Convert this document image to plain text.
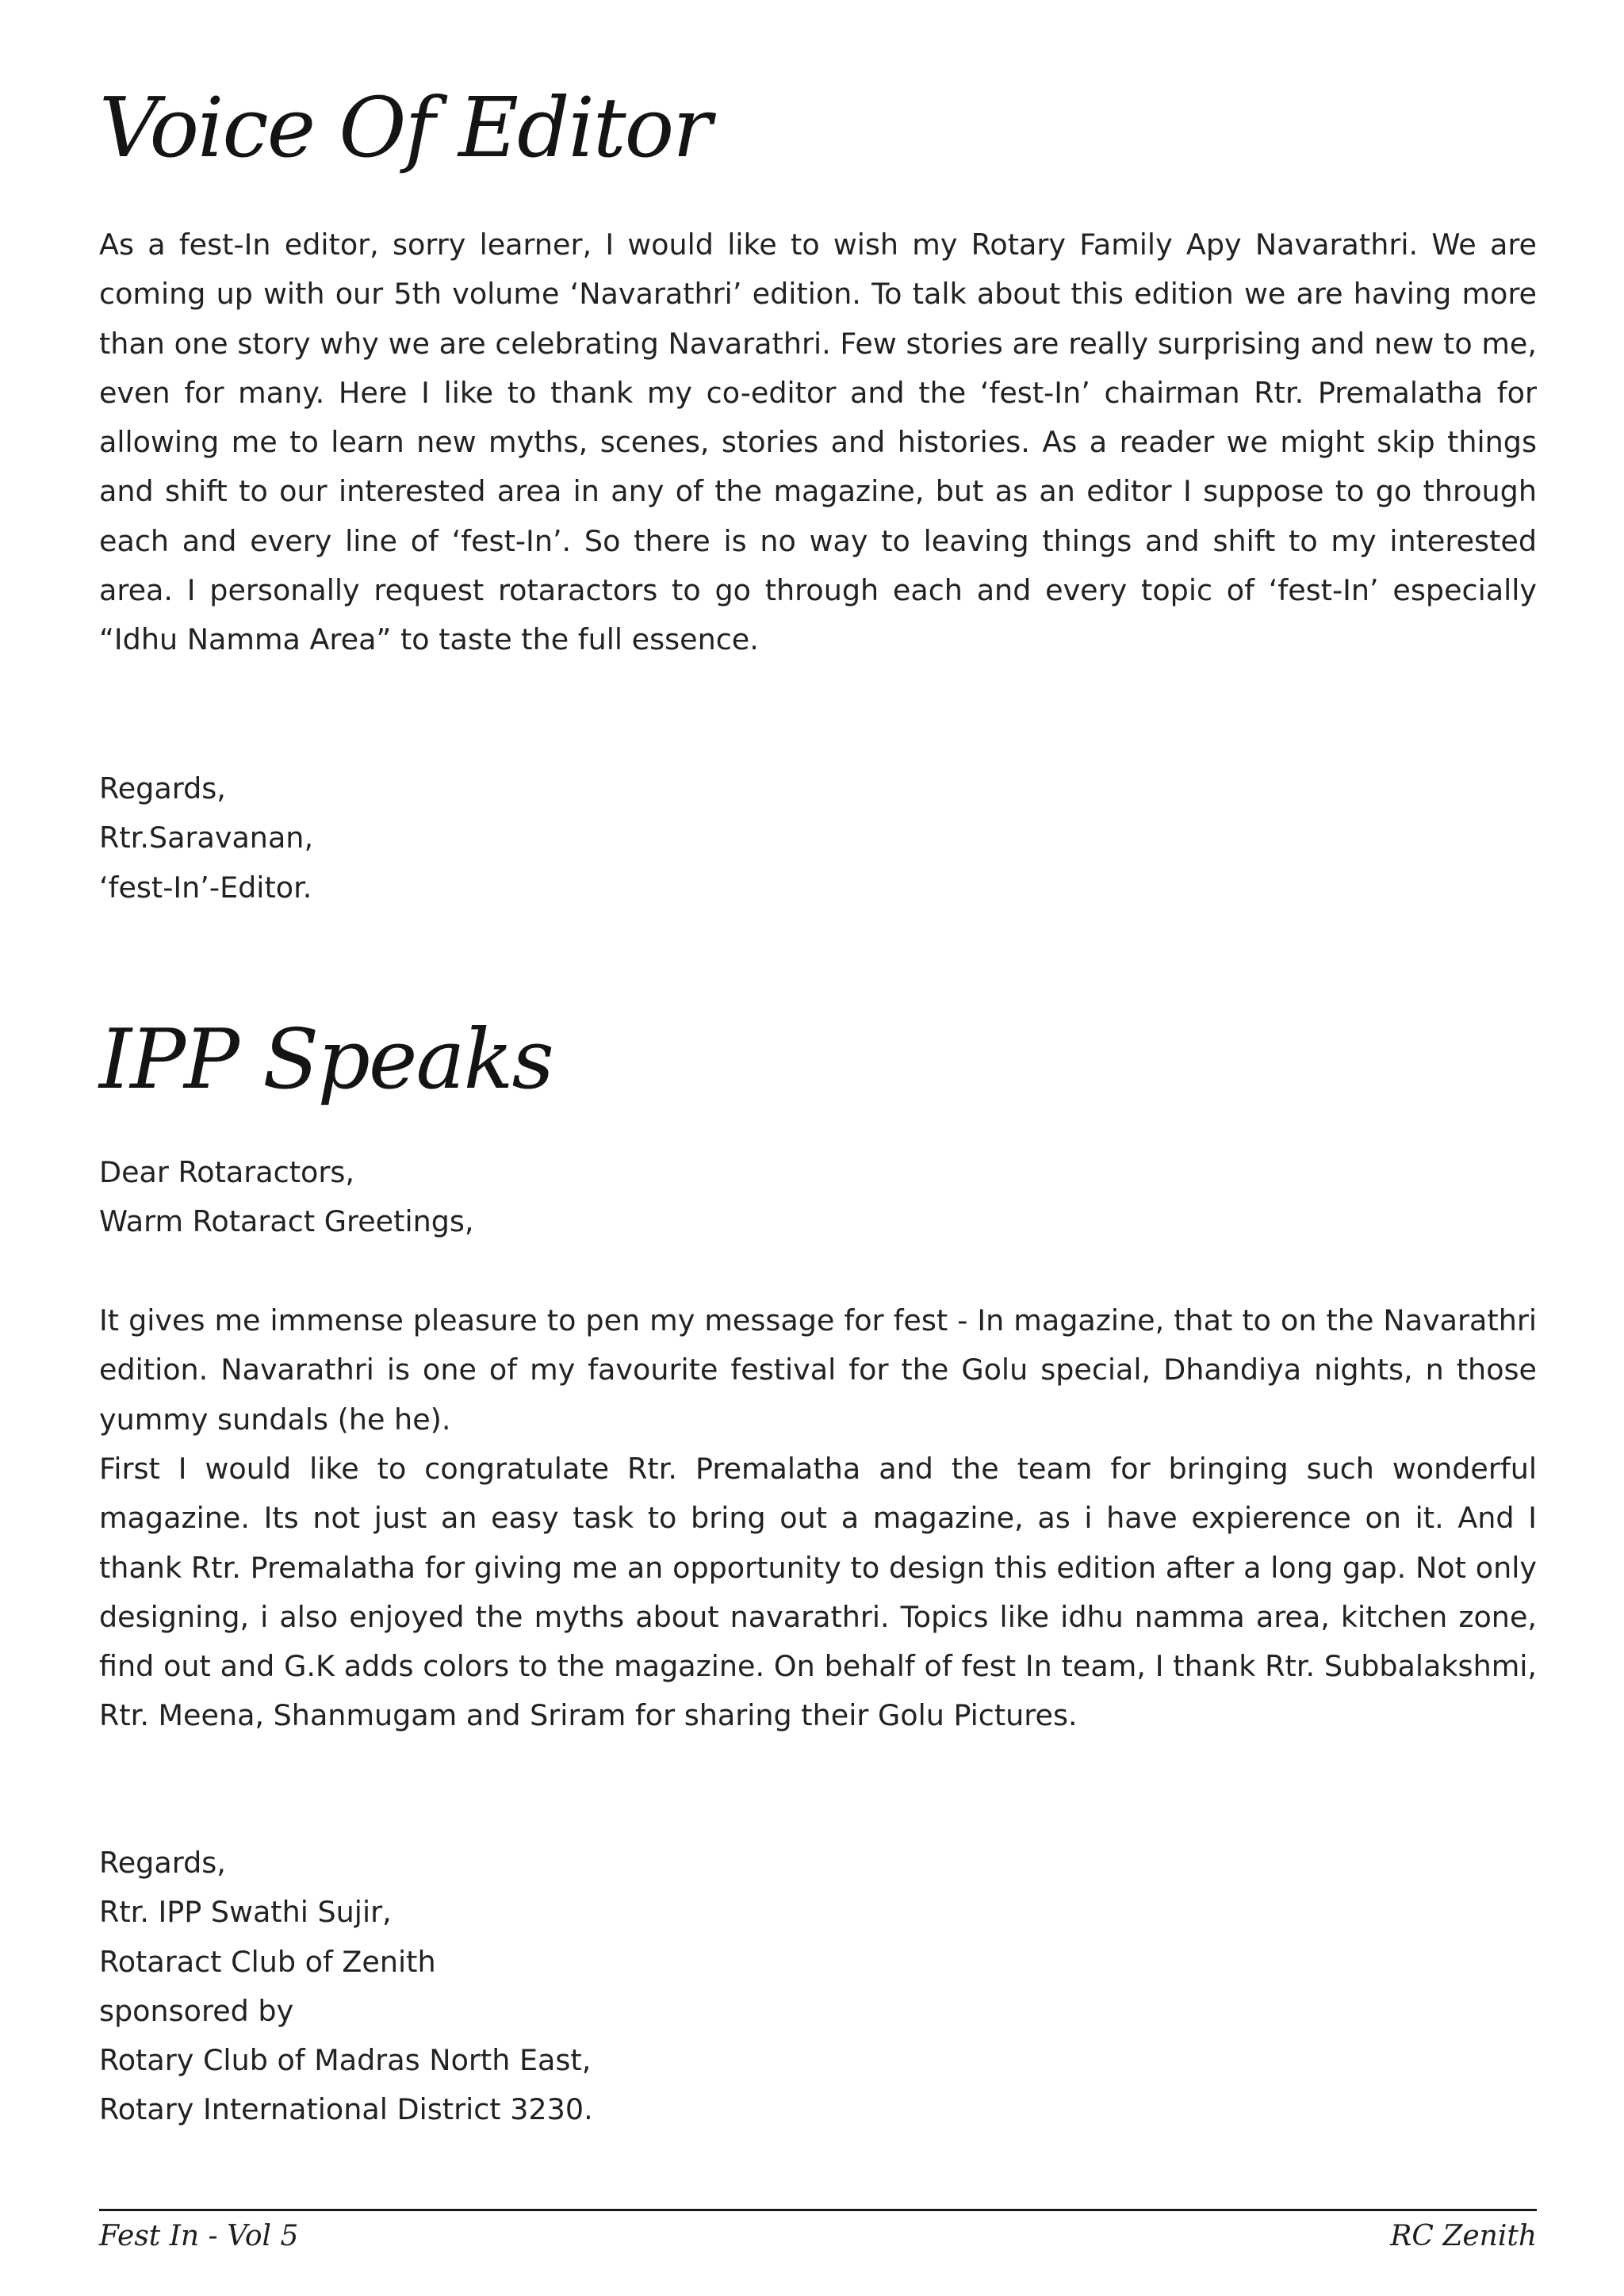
Voice Of Editor

As a fest-In editor, sorry learner, I would like to wish my Rotary Family Apy Navarathri. We are coming up with our 5th volume ‘Navarathri’ edition. To talk about this edition we are having more than one story why we are celebrating Navarathri. Few stories are really surprising and new to me, even for many. Here I like to thank my co-editor and the ‘fest-In’ chairman Rtr. Premalatha for allowing me to learn new myths, scenes, stories and histories. As a reader we might skip things and shift to our interested area in any of the magazine, but as an editor I suppose to go through each and every line of ‘fest-In’. So there is no way to leaving things and shift to my interested area. I personally request rotaractors to go through each and every topic of ‘fest-In’ especially “Idhu Namma Area” to taste the full essence.

Regards,
Rtr.Saravanan,
‘fest-In’-Editor.
IPP Speaks
Dear Rotaractors,
Warm Rotaract Greetings,

It gives me immense pleasure to pen my message for fest - In magazine, that to on the Navarathri edition. Navarathri is one of my favourite festival for the Golu special, Dhandiya nights, n those yummy sundals (he he).

First I would like to congratulate Rtr. Premalatha and the team for bringing such wonderful magazine. Its not just an easy task to bring out a magazine, as i have expierence on it. And I thank Rtr. Premalatha for giving me an opportunity to design this edition after a long gap. Not only designing, i also enjoyed the myths about navarathri. Topics like idhu namma area, kitchen zone, find out and G.K adds colors to the magazine. On behalf of fest In team, I thank Rtr. Subbalakshmi, Rtr. Meena, Shanmugam and Sriram for sharing their Golu Pictures.

Regards,
Rtr. IPP Swathi Sujir,
Rotaract Club of Zenith
sponsored by
Rotary Club of Madras North East,
Rotary International District 3230.
Fest In - Vol 5	RC Zenith
